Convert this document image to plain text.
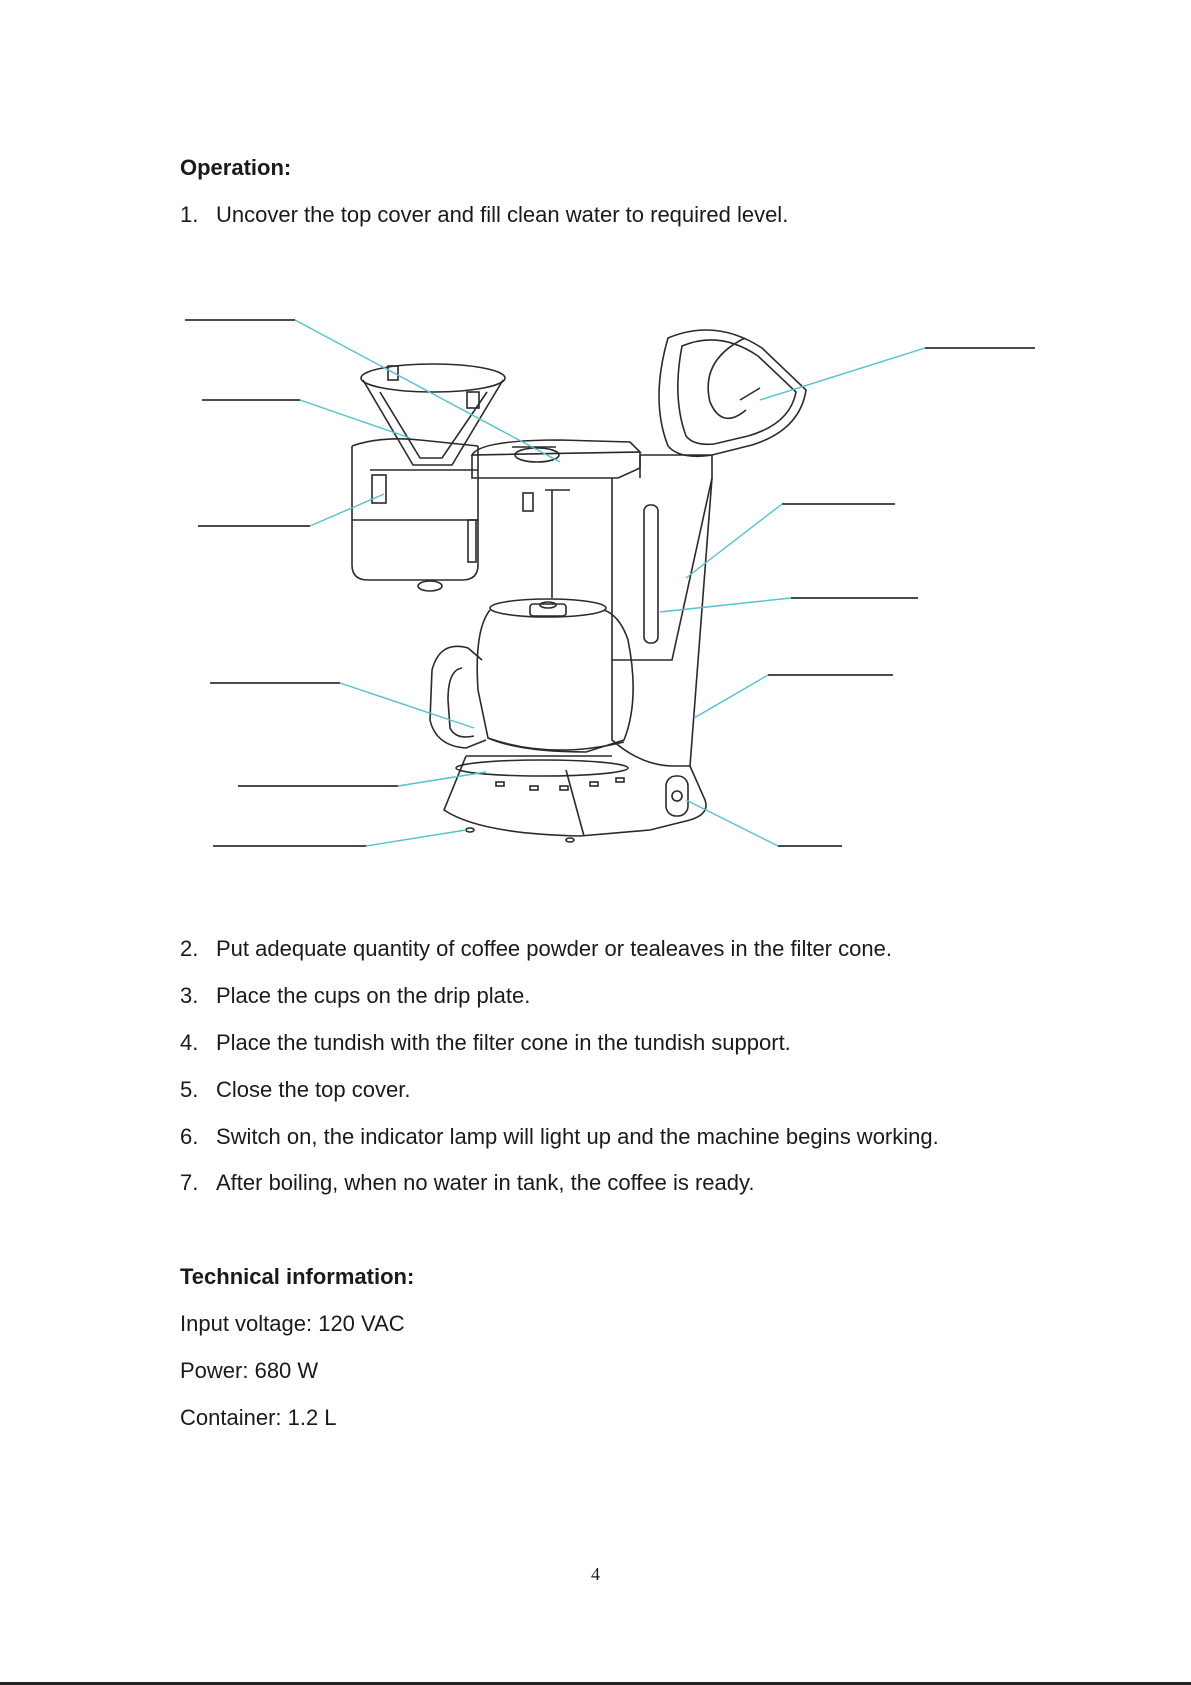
Operation:

1. Uncover the top cover and fill clean water to required level.

2. Put adequate quantity of coffee powder or tealeaves in the filter cone.

3. Place the cups on the drip plate.

4. Place the tundish with the filter cone in the tundish support.

5. Close the top cover.

6. Switch on, the indicator lamp will light up and the machine begins working.

7. After boiling, when no water in tank, the coffee is ready.

Technical information:

Input voltage: 120 VAC

Power: 680 W

Container: 1.2 L

4
